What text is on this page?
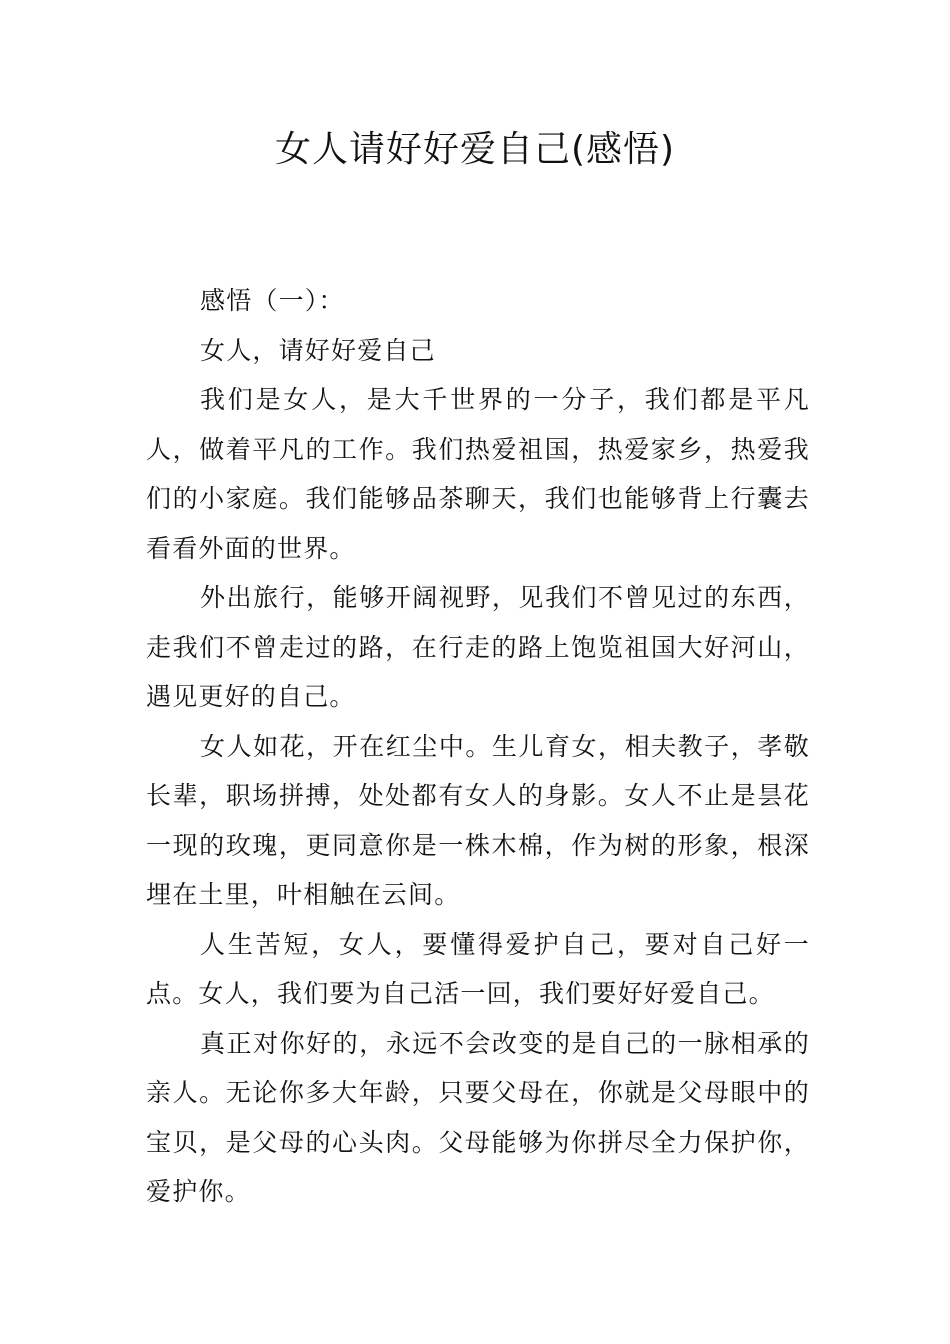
女人请好好爱自己(感悟)

感悟（一）：

女人，请好好爱自己

我们是女人，是大千世界的一分子，我们都是平凡人，做着平凡的工作。我们热爱祖国，热爱家乡，热爱我们的小家庭。我们能够品茶聊天，我们也能够背上行囊去看看外面的世界。

外出旅行，能够开阔视野，见我们不曾见过的东西，走我们不曾走过的路，在行走的路上饱览祖国大好河山，遇见更好的自己。

女人如花，开在红尘中。生儿育女，相夫教子，孝敬长辈，职场拼搏，处处都有女人的身影。女人不止是昙花一现的玫瑰，更同意你是一株木棉，作为树的形象，根深埋在土里，叶相触在云间。

人生苦短，女人，要懂得爱护自己，要对自己好一点。女人，我们要为自己活一回，我们要好好爱自己。

真正对你好的，永远不会改变的是自己的一脉相承的亲人。无论你多大年龄，只要父母在，你就是父母眼中的宝贝，是父母的心头肉。父母能够为你拼尽全力保护你，爱护你。
